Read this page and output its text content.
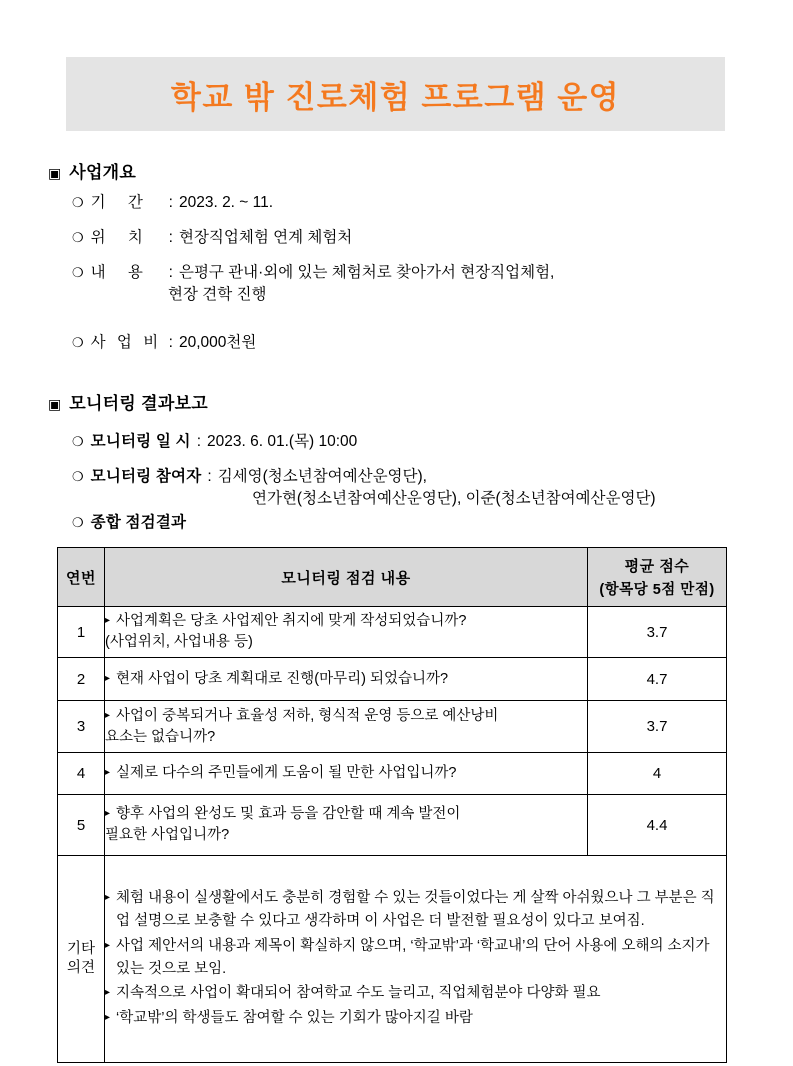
학교 밖 진로체험 프로그램 운영
▣ 사업개요
❍ 기 간	: 2023. 2. ~ 11.
❍ 위 치	: 현장직업체험 연계 체험처
❍ 내 용	: 은평구 관내·외에 있는 체험처로 찾아가서 현장직업체험,
현장 견학 진행
❍ 사 업 비 : 20,000천원
▣ 모니터링 결과보고
❍ 모니터링 일 시 : 2023. 6. 01.(목) 10:00
❍ 모니터링 참여자 : 김세영(청소년참여예산운영단),
연가현(청소년참여예산운영단), 이준(청소년참여예산운영단)
❍ 종합 점검결과
연번	모니터링 점검 내용	평균 점수
(항목당 5점 만점)

1	▸ 사업계획은 당초 사업제안 취지에 맞게 작성되었습니까?
(사업위치, 사업내용 등)	3.7
2	▸ 현재 사업이 당초 계획대로 진행(마무리) 되었습니까?	4.7
3	▸ 사업이 중복되거나 효율성 저하, 형식적 운영 등으로 예산낭비
요소는 없습니까?	3.7
4	▸ 실제로 다수의 주민들에게 도움이 될 만한 사업입니까?	4
5	▸ 향후 사업의 완성도 및 효과 등을 감안할 때 계속 발전이
필요한 사업입니까?	4.4

기타
의견

▸ 체험 내용이 실생활에서도 충분히 경험할 수 있는 것들이었다는 게 살짝 아쉬웠으나 그 부분은 직업 설명으로 보충할 수 있다고 생각하며 이 사업은 더 발전할 필요성이 있다고 보여짐.
▸ 사업 제안서의 내용과 제목이 확실하지 않으며, ‘학교밖’과 ‘학교내’의 단어 사용에 오해의 소지가 있는 것으로 보임.
▸ 지속적으로 사업이 확대되어 참여학교 수도 늘리고, 직업체험분야 다양화 필요
▸ ‘학교밖’의 학생들도 참여할 수 있는 기회가 많아지길 바람
